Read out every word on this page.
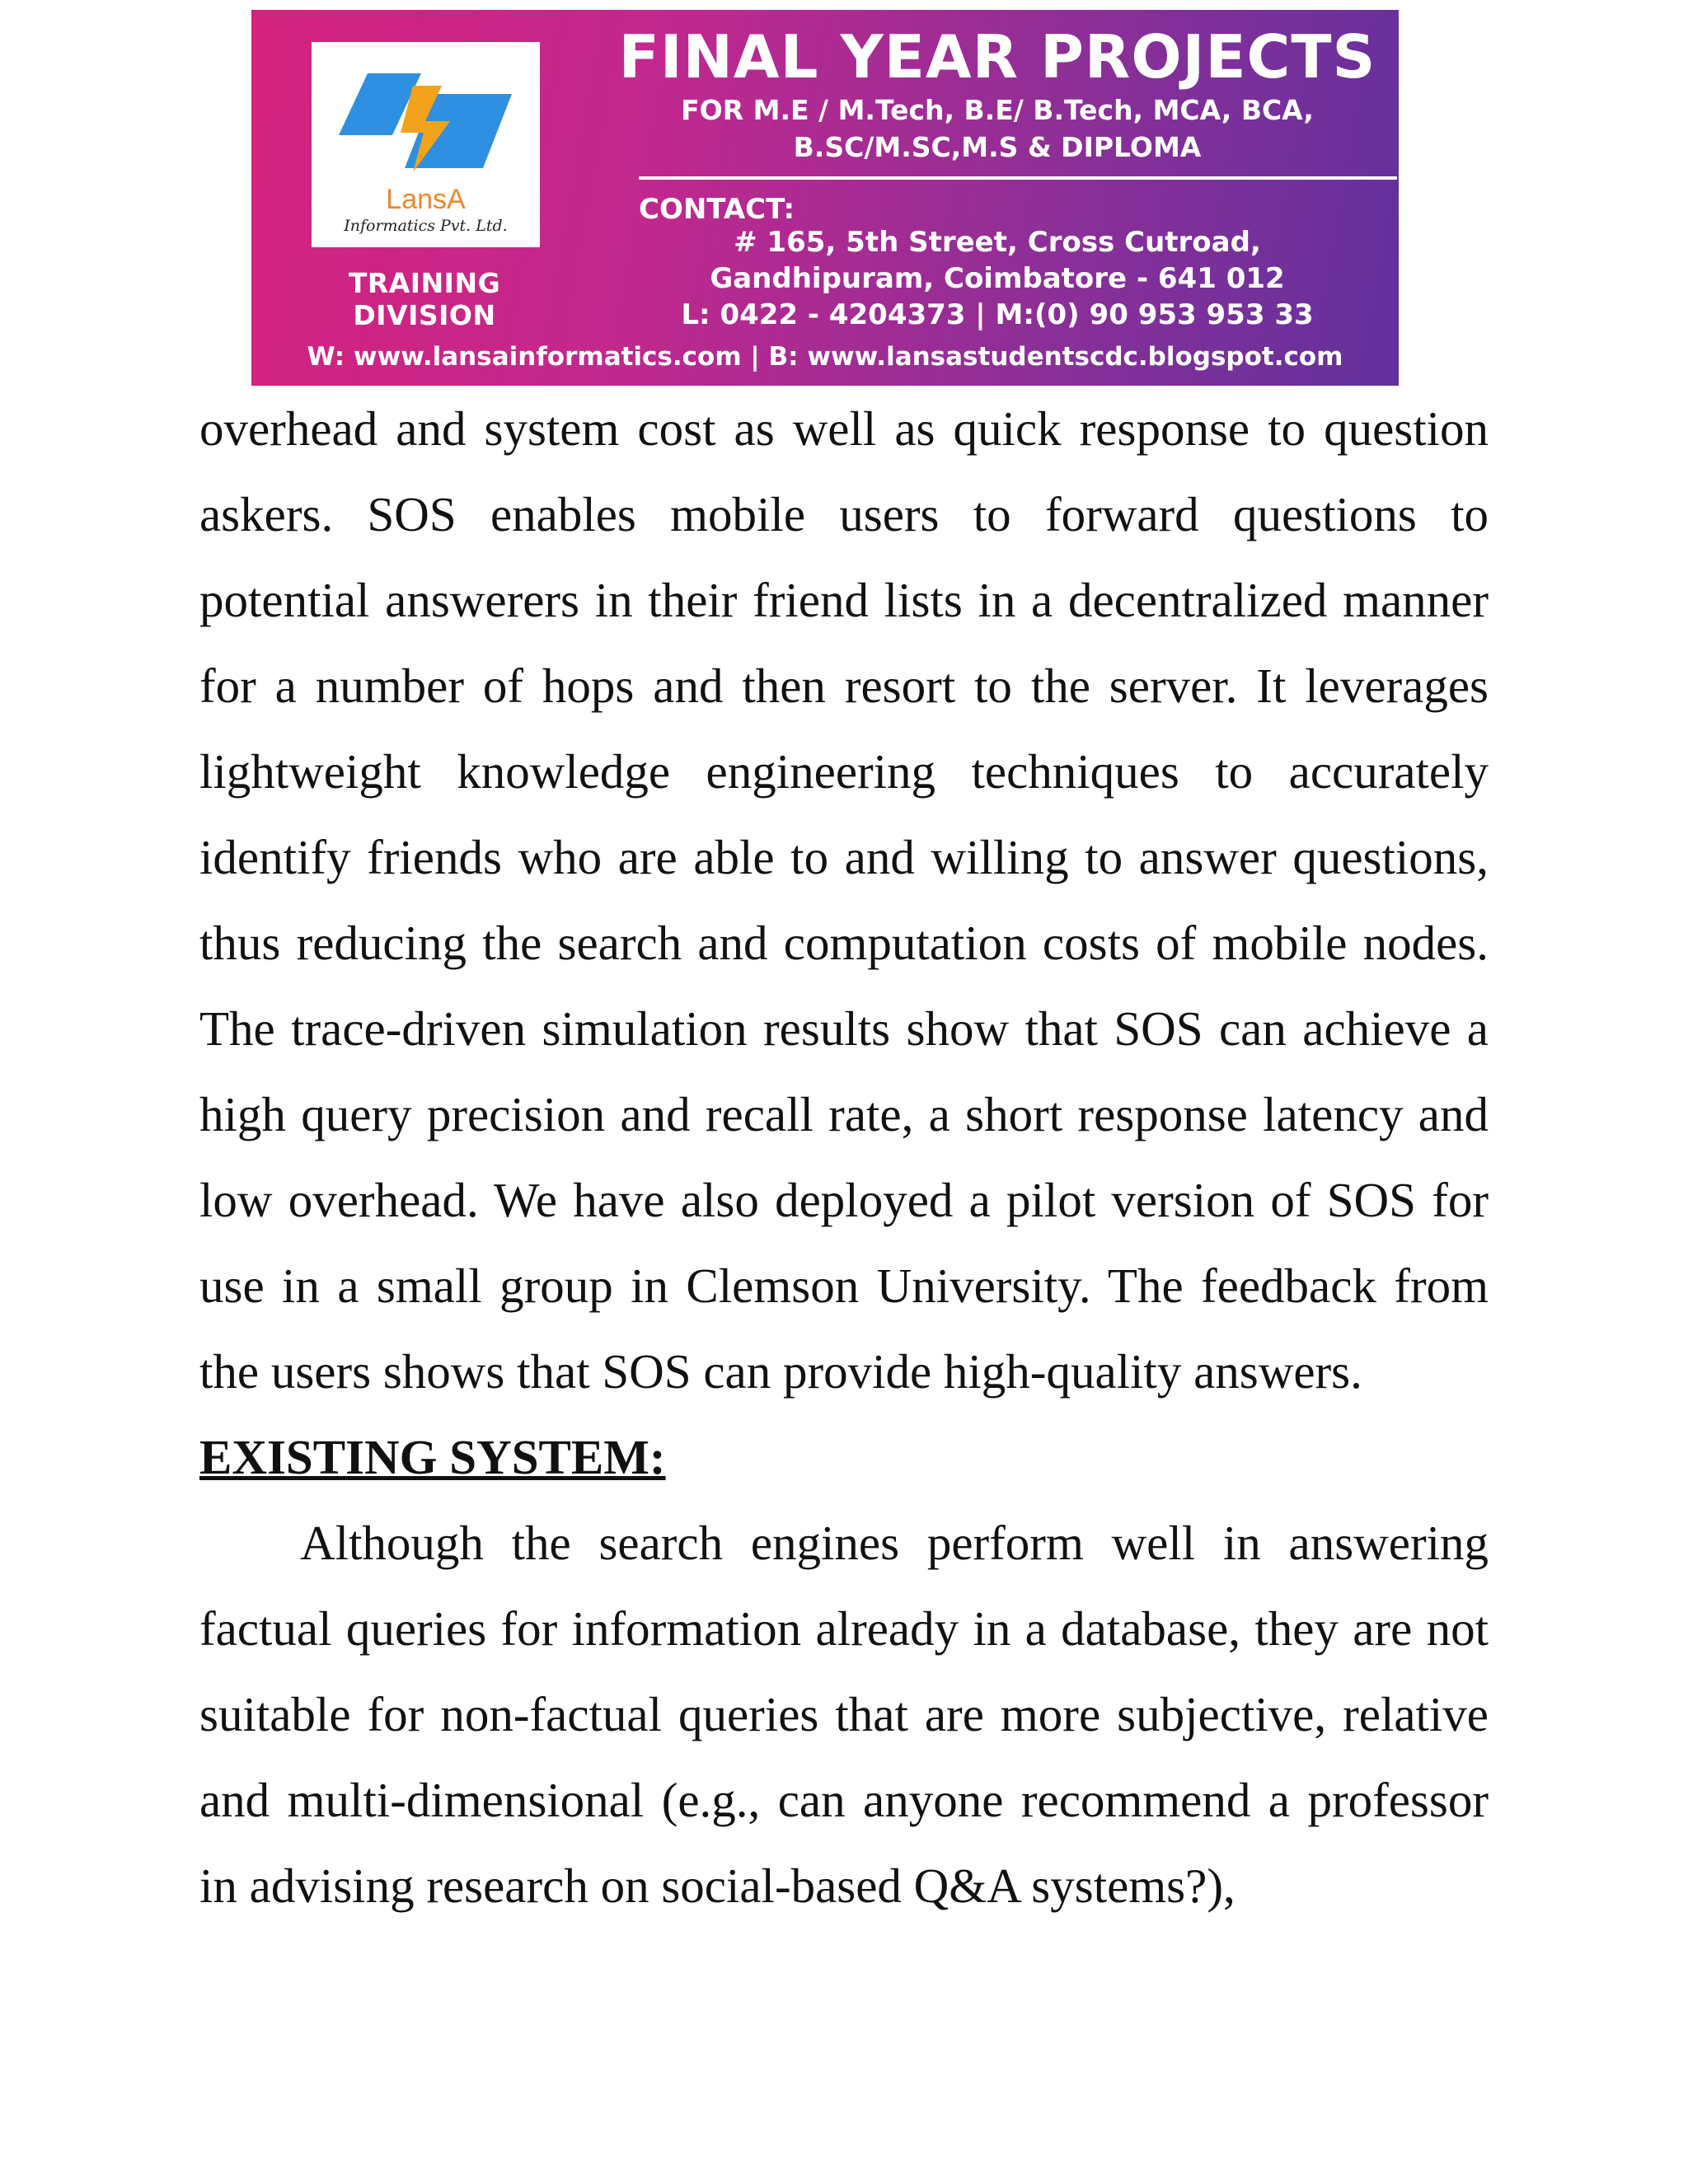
LansA
Informatics Pvt. Ltd.
TRAINING DIVISION
FINAL YEAR PROJECTS
FOR M.E / M.Tech, B.E/ B.Tech, MCA, BCA,
B.SC/M.SC,M.S & DIPLOMA
CONTACT:
# 165, 5th Street, Cross Cutroad,
Gandhipuram, Coimbatore - 641 012
L: 0422 - 4204373 | M:(0) 90 953 953 33
W: www.lansainformatics.com | B: www.lansastudentscdc.blogspot.com
overhead and system cost as well as quick response to question askers. SOS enables mobile users to forward questions to potential answerers in their friend lists in a decentralized manner for a number of hops and then resort to the server. It leverages lightweight knowledge engineering techniques to accurately identify friends who are able to and willing to answer questions, thus reducing the search and computation costs of mobile nodes. The trace-driven simulation results show that SOS can achieve a high query precision and recall rate, a short response latency and low overhead. We have also deployed a pilot version of SOS for use in a small group in Clemson University. The feedback from the users shows that SOS can provide high-quality answers.
EXISTING SYSTEM:
Although the search engines perform well in answering factual queries for information already in a database, they are not suitable for non-factual queries that are more subjective, relative and multi-dimensional (e.g., can anyone recommend a professor in advising research on social-based Q&A systems?),
